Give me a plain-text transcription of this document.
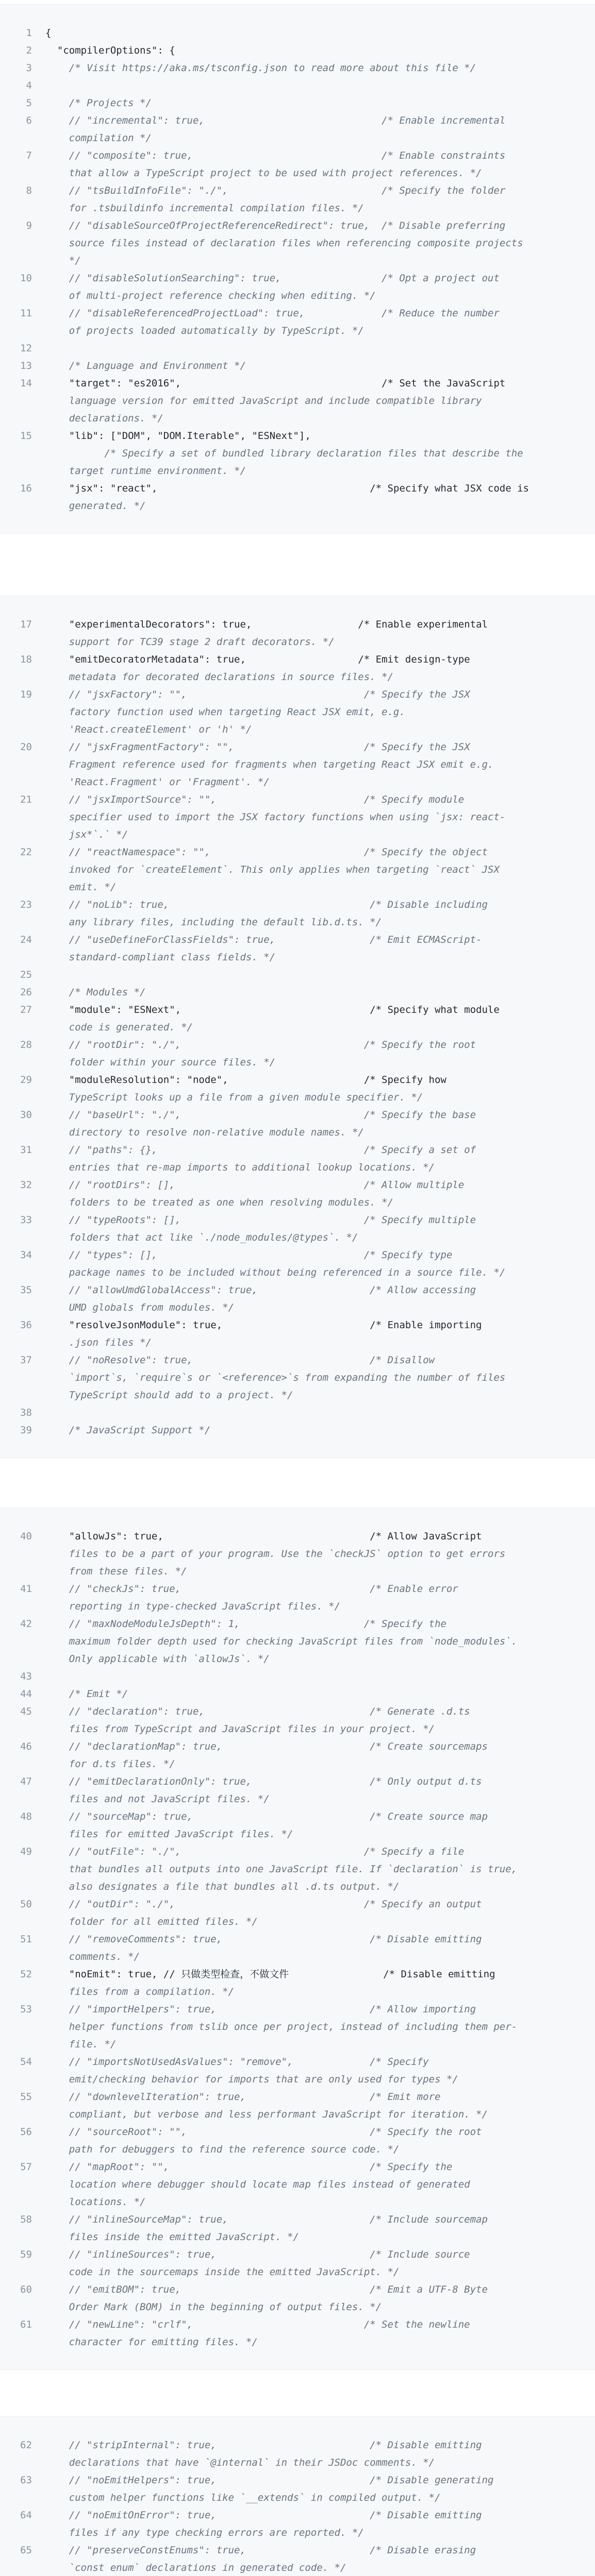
1 {
2  "compilerOptions": {
3    /* Visit https://aka.ms/tsconfig.json to read more about this file */
4
5    /* Projects */
6    // "incremental": true,                              /* Enable incremental
compilation */
7    // "composite": true,                                /* Enable constraints
that allow a TypeScript project to be used with project references. */
8    // "tsBuildInfoFile": "./",                          /* Specify the folder
for .tsbuildinfo incremental compilation files. */
9    // "disableSourceOfProjectReferenceRedirect": true,  /* Disable preferring
source files instead of declaration files when referencing composite projects
*/
10    // "disableSolutionSearching": true,                 /* Opt a project out
of multi-project reference checking when editing. */
11    // "disableReferencedProjectLoad": true,             /* Reduce the number
of projects loaded automatically by TypeScript. */
12
13    /* Language and Environment */
14    "target": "es2016",                                  /* Set the JavaScript
language version for emitted JavaScript and include compatible library
declarations. */
15    "lib": ["DOM", "DOM.Iterable", "ESNext"],
/* Specify a set of bundled library declaration files that describe the
target runtime environment. */
16    "jsx": "react",                                    /* Specify what JSX code is
generated. */
17    "experimentalDecorators": true,                  /* Enable experimental
support for TC39 stage 2 draft decorators. */
18    "emitDecoratorMetadata": true,                   /* Emit design-type
metadata for decorated declarations in source files. */
19    // "jsxFactory": "",                              /* Specify the JSX
factory function used when targeting React JSX emit, e.g.
'React.createElement' or 'h' */
20    // "jsxFragmentFactory": "",                      /* Specify the JSX
Fragment reference used for fragments when targeting React JSX emit e.g.
'React.Fragment' or 'Fragment'. */
21    // "jsxImportSource": "",                         /* Specify module
specifier used to import the JSX factory functions when using `jsx: react-
jsx*`.` */
22    // "reactNamespace": "",                          /* Specify the object
invoked for `createElement`. This only applies when targeting `react` JSX
emit. */
23    // "noLib": true,                                  /* Disable including
any library files, including the default lib.d.ts. */
24    // "useDefineForClassFields": true,                /* Emit ECMAScript-
standard-compliant class fields. */
25
26    /* Modules */
27    "module": "ESNext",                                /* Specify what module
code is generated. */
28    // "rootDir": "./",                               /* Specify the root
folder within your source files. */
29    "moduleResolution": "node",                       /* Specify how
TypeScript looks up a file from a given module specifier. */
30    // "baseUrl": "./",                               /* Specify the base
directory to resolve non-relative module names. */
31    // "paths": {},                                   /* Specify a set of
entries that re-map imports to additional lookup locations. */
32    // "rootDirs": [],                                /* Allow multiple
folders to be treated as one when resolving modules. */
33    // "typeRoots": [],                               /* Specify multiple
folders that act like `./node_modules/@types`. */
34    // "types": [],                                   /* Specify type
package names to be included without being referenced in a source file. */
35    // "allowUmdGlobalAccess": true,                   /* Allow accessing
UMD globals from modules. */
36    "resolveJsonModule": true,                         /* Enable importing
.json files */
37    // "noResolve": true,                              /* Disallow
`import`s, `require`s or `<reference>`s from expanding the number of files
TypeScript should add to a project. */
38
39    /* JavaScript Support */
40    "allowJs": true,                                   /* Allow JavaScript
files to be a part of your program. Use the `checkJS` option to get errors
from these files. */
41    // "checkJs": true,                                /* Enable error
reporting in type-checked JavaScript files. */
42    // "maxNodeModuleJsDepth": 1,                     /* Specify the
maximum folder depth used for checking JavaScript files from `node_modules`.
Only applicable with `allowJs`. */
43
44    /* Emit */
45    // "declaration": true,                            /* Generate .d.ts
files from TypeScript and JavaScript files in your project. */
46    // "declarationMap": true,                         /* Create sourcemaps
for d.ts files. */
47    // "emitDeclarationOnly": true,                    /* Only output d.ts
files and not JavaScript files. */
48    // "sourceMap": true,                              /* Create source map
files for emitted JavaScript files. */
49    // "outFile": "./",                               /* Specify a file
that bundles all outputs into one JavaScript file. If `declaration` is true,
also designates a file that bundles all .d.ts output. */
50    // "outDir": "./",                                /* Specify an output
folder for all emitted files. */
51    // "removeComments": true,                         /* Disable emitting
comments. */
52    "noEmit": true, // 只做类型检查，不做文件                /* Disable emitting
files from a compilation. */
53    // "importHelpers": true,                          /* Allow importing
helper functions from tslib once per project, instead of including them per-
file. */
54    // "importsNotUsedAsValues": "remove",             /* Specify
emit/checking behavior for imports that are only used for types */
55    // "downlevelIteration": true,                     /* Emit more
compliant, but verbose and less performant JavaScript for iteration. */
56    // "sourceRoot": "",                               /* Specify the root
path for debuggers to find the reference source code. */
57    // "mapRoot": "",                                  /* Specify the
location where debugger should locate map files instead of generated
locations. */
58    // "inlineSourceMap": true,                        /* Include sourcemap
files inside the emitted JavaScript. */
59    // "inlineSources": true,                          /* Include source
code in the sourcemaps inside the emitted JavaScript. */
60    // "emitBOM": true,                                /* Emit a UTF-8 Byte
Order Mark (BOM) in the beginning of output files. */
61    // "newLine": "crlf",                             /* Set the newline
character for emitting files. */
62    // "stripInternal": true,                          /* Disable emitting
declarations that have `@internal` in their JSDoc comments. */
63    // "noEmitHelpers": true,                          /* Disable generating
custom helper functions like `__extends` in compiled output. */
64    // "noEmitOnError": true,                          /* Disable emitting
files if any type checking errors are reported. */
65    // "preserveConstEnums": true,                     /* Disable erasing
`const enum` declarations in generated code. */
